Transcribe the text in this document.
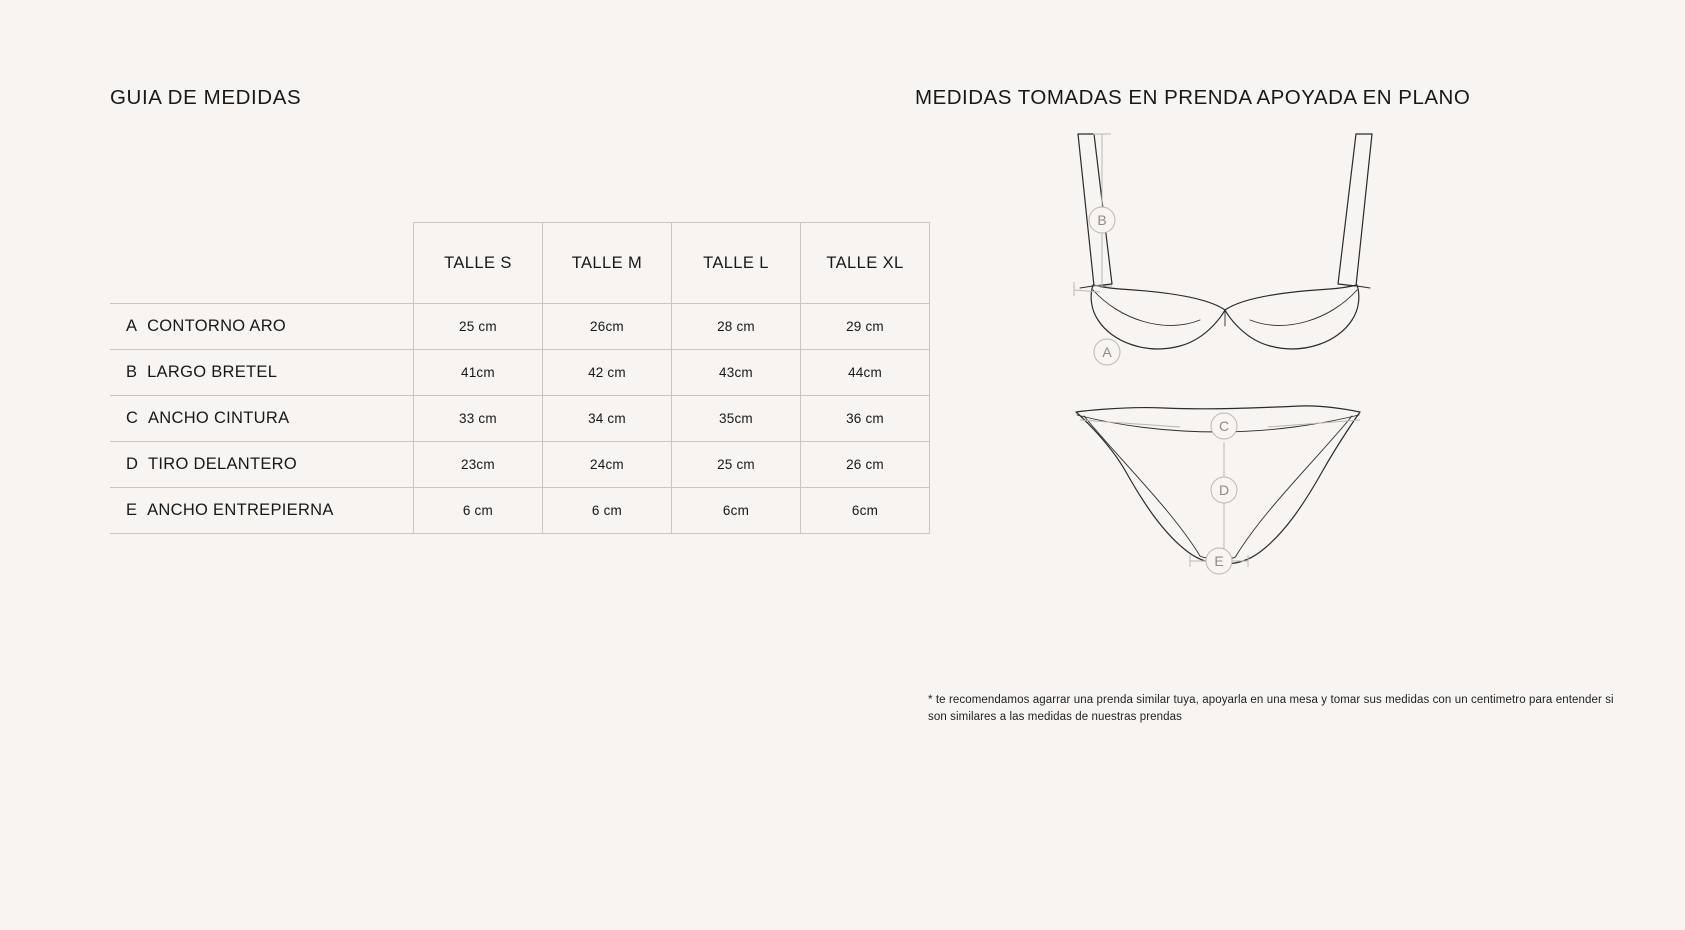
GUIA DE MEDIDAS
	TALLE S	TALLE M	TALLE L	TALLE XL
A  CONTORNO ARO	25 cm	26cm	28 cm	29 cm
B  LARGO BRETEL	41cm	42 cm	43cm	44cm
C  ANCHO CINTURA	33 cm	34 cm	35cm	36 cm
D  TIRO DELANTERO	23cm	24cm	25 cm	26 cm
E  ANCHO ENTREPIERNA	6 cm	6 cm	6cm	6cm
MEDIDAS TOMADAS EN PRENDA APOYADA EN PLANO
B
A
C
D
E
* te recomendamos agarrar una prenda similar tuya, apoyarla en una mesa y tomar sus medidas con un centimetro para entender si son similares a las medidas de nuestras prendas
